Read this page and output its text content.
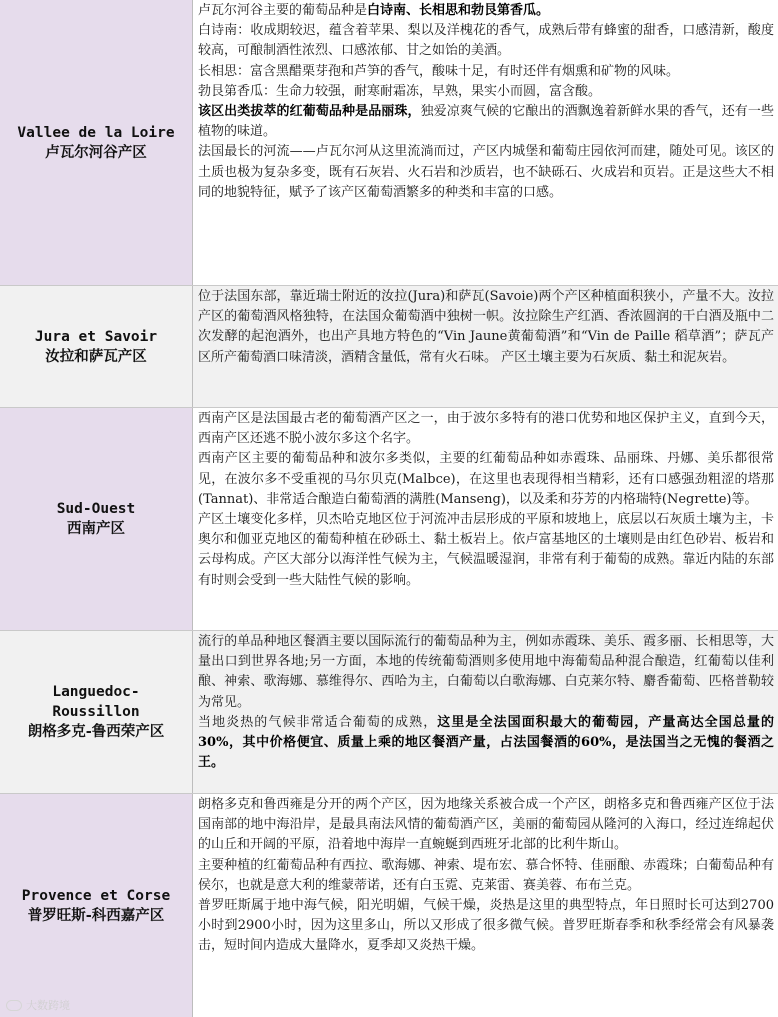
Vallee de la Loire
卢瓦尔河谷产区

卢瓦尔河谷主要的葡萄品种是白诗南、长相思和勃艮第香瓜。

白诗南：收成期较迟，蕴含着苹果、梨以及洋槐花的香气，成熟后带有蜂蜜的甜香，口感清新，酸度较高，可酿制酒性浓烈、口感浓郁、甘之如饴的美酒。

长相思：富含黑醋栗芽孢和芦笋的香气，酸味十足，有时还伴有烟熏和矿物的风味。

勃艮第香瓜：生命力较强，耐寒耐霜冻，早熟，果实小而圆，富含酸。

该区出类拔萃的红葡萄品种是品丽珠，独爱凉爽气候的它酿出的酒飘逸着新鲜水果的香气，还有一些植物的味道。

法国最长的河流——卢瓦尔河从这里流淌而过，产区内城堡和葡萄庄园依河而建，随处可见。该区的土质也极为复杂多变，既有石灰岩、火石岩和沙质岩，也不缺砾石、火成岩和页岩。正是这些大不相同的地貌特征，赋予了该产区葡萄酒繁多的种类和丰富的口感。

Jura et Savoir
汝拉和萨瓦产区

位于法国东部，靠近瑞士附近的汝拉(Jura)和萨瓦(Savoie)两个产区种植面积狭小，产量不大。汝拉产区的葡萄酒风格独特，在法国众葡萄酒中独树一帜。汝拉除生产红酒、香浓圆润的干白酒及瓶中二次发酵的起泡酒外，也出产具地方特色的“Vin Jaune黄葡萄酒”和“Vin de Paille 稻草酒”；萨瓦产区所产葡萄酒口味清淡，酒精含量低，常有火石味。 产区土壤主要为石灰质、黏土和泥灰岩。

Sud-Ouest
西南产区

西南产区是法国最古老的葡萄酒产区之一，由于波尔多特有的港口优势和地区保护主义，直到今天，西南产区还逃不脱小波尔多这个名字。

西南产区主要的葡萄品种和波尔多类似，主要的红葡萄品种如赤霞珠、品丽珠、丹娜、美乐都很常见，在波尔多不受重视的马尔贝克(Malbce)，在这里也表现得相当精彩，还有口感强劲粗涩的塔那(Tannat)、非常适合酿造白葡萄酒的满胜(Manseng)，以及柔和芬芳的内格瑞特(Negrette)等。

产区土壤变化多样，贝杰哈克地区位于河流冲击层形成的平原和坡地上，底层以石灰质土壤为主，卡奥尔和伽亚克地区的葡萄种植在砂砾土、黏土板岩上。依卢富基地区的土壤则是由红色砂岩、板岩和云母构成。产区大部分以海洋性气候为主，气候温暖湿润，非常有利于葡萄的成熟。靠近内陆的东部有时则会受到一些大陆性气候的影响。

Languedoc-
Roussillon
朗格多克-鲁西荣产区

流行的单品种地区餐酒主要以国际流行的葡萄品种为主，例如赤霞珠、美乐、霞多丽、长相思等，大量出口到世界各地;另一方面，本地的传统葡萄酒则多使用地中海葡萄品种混合酿造，红葡萄以佳利酿、神索、歌海娜、慕维得尔、西哈为主，白葡萄以白歌海娜、白克莱尔特、麝香葡萄、匹格普勒较为常见。

当地炎热的气候非常适合葡萄的成熟，这里是全法国面积最大的葡萄园，产量高达全国总量的30%，其中价格便宜、质量上乘的地区餐酒产量，占法国餐酒的60%，是法国当之无愧的餐酒之王。

Provence et Corse
普罗旺斯-科西嘉产区

朗格多克和鲁西雍是分开的两个产区，因为地缘关系被合成一个产区，朗格多克和鲁西雍产区位于法国南部的地中海沿岸，是最具南法风情的葡萄酒产区，美丽的葡萄园从隆河的入海口，经过连绵起伏的山丘和开阔的平原，沿着地中海岸一直蜿蜒到西班牙北部的比利牛斯山。

主要种植的红葡萄品种有西拉、歌海娜、神索、堤布宏、慕合怀特、佳丽酿、赤霞珠；白葡萄品种有侯尔，也就是意大利的维蒙蒂诺，还有白玉霓、克莱雷、赛美蓉、布布兰克。

普罗旺斯属于地中海气候，阳光明媚，气候干燥，炎热是这里的典型特点，年日照时长可达到2700小时到2900小时，因为这里多山，所以又形成了很多微气候。普罗旺斯春季和秋季经常会有风暴袭击，短时间内造成大量降水，夏季却又炎热干燥。

大数跨境
